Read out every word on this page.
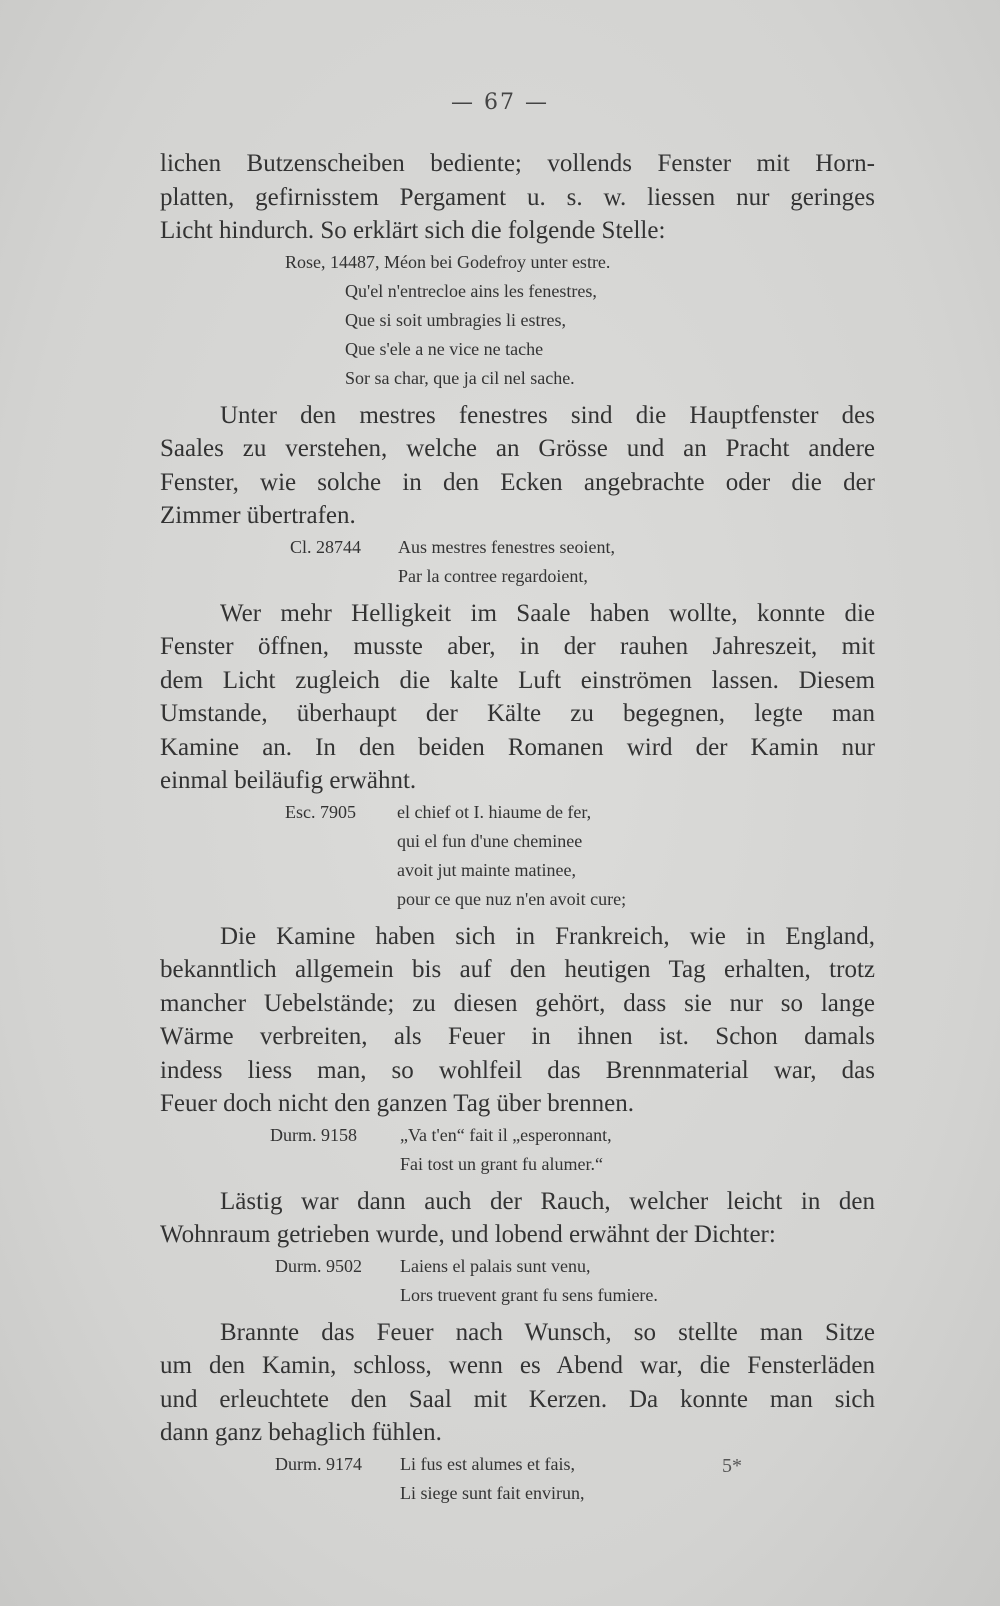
— 67 —
lichen Butzenscheiben bediente; vollends Fenster mit Horn-
platten, gefirnisstem Pergament u. s. w. liessen nur geringes
Licht hindurch. So erklärt sich die folgende Stelle:
Rose, 14487, Méon bei Godefroy unter estre.
Qu'el n'entrecloe ains les fenestres,
Que si soit umbragies li estres,
Que s'ele a ne vice ne tache
Sor sa char, que ja cil nel sache.
Unter den mestres fenestres sind die Hauptfenster des
Saales zu verstehen, welche an Grösse und an Pracht andere
Fenster, wie solche in den Ecken angebrachte oder die der
Zimmer übertrafen.
Cl. 28744 Aus mestres fenestres seoient,
Par la contree regardoient,
Wer mehr Helligkeit im Saale haben wollte, konnte die
Fenster öffnen, musste aber, in der rauhen Jahreszeit, mit
dem Licht zugleich die kalte Luft einströmen lassen. Diesem
Umstande, überhaupt der Kälte zu begegnen, legte man
Kamine an. In den beiden Romanen wird der Kamin nur
einmal beiläufig erwähnt.
Esc. 7905 el chief ot I. hiaume de fer,
qui el fun d'une cheminee
avoit jut mainte matinee,
pour ce que nuz n'en avoit cure;
Die Kamine haben sich in Frankreich, wie in England,
bekanntlich allgemein bis auf den heutigen Tag erhalten, trotz
mancher Uebelstände; zu diesen gehört, dass sie nur so lange
Wärme verbreiten, als Feuer in ihnen ist. Schon damals
indess liess man, so wohlfeil das Brennmaterial war, das
Feuer doch nicht den ganzen Tag über brennen.
Durm. 9158 „Va t'en“ fait il „esperonnant,
Fai tost un grant fu alumer.“
Lästig war dann auch der Rauch, welcher leicht in den
Wohnraum getrieben wurde, und lobend erwähnt der Dichter:
Durm. 9502 Laiens el palais sunt venu,
Lors truevent grant fu sens fumiere.
Brannte das Feuer nach Wunsch, so stellte man Sitze
um den Kamin, schloss, wenn es Abend war, die Fensterläden
und erleuchtete den Saal mit Kerzen. Da konnte man sich
dann ganz behaglich fühlen.
Durm. 9174 Li fus est alumes et fais,
Li siege sunt fait envirun,
5*
